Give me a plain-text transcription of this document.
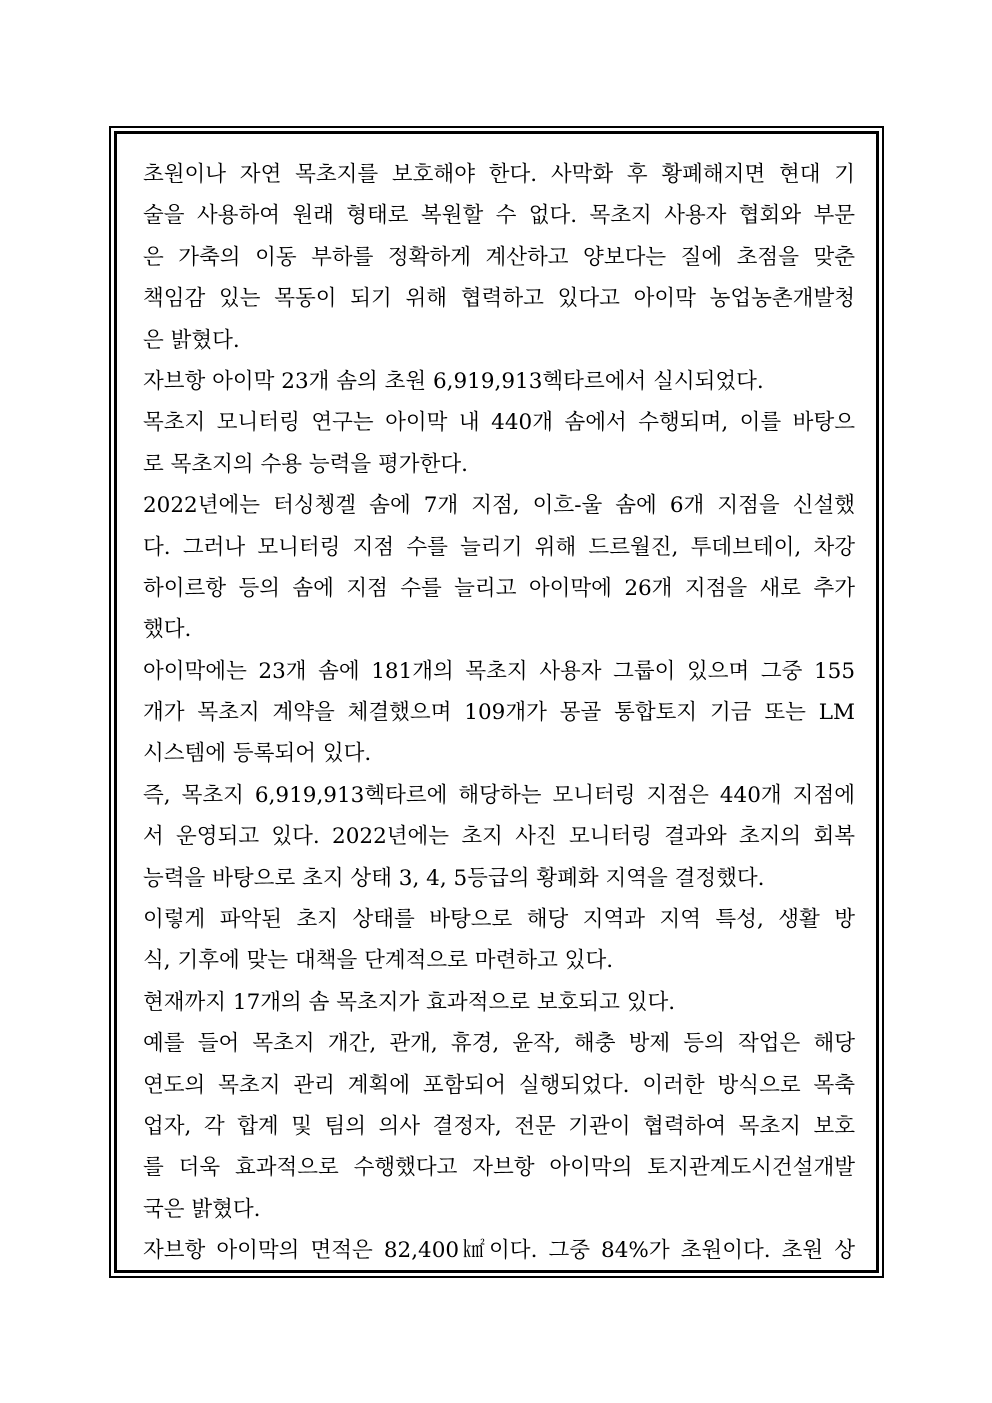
초원이나 자연 목초지를 보호해야 한다. 사막화 후 황폐해지면 현대 기
술을 사용하여 원래 형태로 복원할 수 없다. 목초지 사용자 협회와 부문
은 가축의 이동 부하를 정확하게 계산하고 양보다는 질에 초점을 맞춘
책임감 있는 목동이 되기 위해 협력하고 있다고 아이막 농업농촌개발청
은 밝혔다.
자브항 아이막 23개 솜의 초원 6,919,913헥타르에서 실시되었다.
목초지 모니터링 연구는 아이막 내 440개 솜에서 수행되며, 이를 바탕으
로 목초지의 수용 능력을 평가한다.
2022년에는 터싱쳉겔 솜에 7개 지점, 이흐-울 솜에 6개 지점을 신설했
다. 그러나 모니터링 지점 수를 늘리기 위해 드르월진, 투데브테이, 차강
하이르항 등의 솜에 지점 수를 늘리고 아이막에 26개 지점을 새로 추가
했다.
아이막에는 23개 솜에 181개의 목초지 사용자 그룹이 있으며 그중 155
개가 목초지 계약을 체결했으며 109개가 몽골 통합토지 기금 또는 LM
시스템에 등록되어 있다.
즉, 목초지 6,919,913헥타르에 해당하는 모니터링 지점은 440개 지점에
서 운영되고 있다. 2022년에는 초지 사진 모니터링 결과와 초지의 회복
능력을 바탕으로 초지 상태 3, 4, 5등급의 황폐화 지역을 결정했다.
이렇게 파악된 초지 상태를 바탕으로 해당 지역과 지역 특성, 생활 방
식, 기후에 맞는 대책을 단계적으로 마련하고 있다.
현재까지 17개의 솜 목초지가 효과적으로 보호되고 있다.
예를 들어 목초지 개간, 관개, 휴경, 윤작, 해충 방제 등의 작업은 해당
연도의 목초지 관리 계획에 포함되어 실행되었다. 이러한 방식으로 목축
업자, 각 합계 및 팀의 의사 결정자, 전문 기관이 협력하여 목초지 보호
를 더욱 효과적으로 수행했다고 자브항 아이막의 토지관계도시건설개발
국은 밝혔다.
자브항 아이막의 면적은 82,400㎢이다. 그중 84%가 초원이다. 초원 상
